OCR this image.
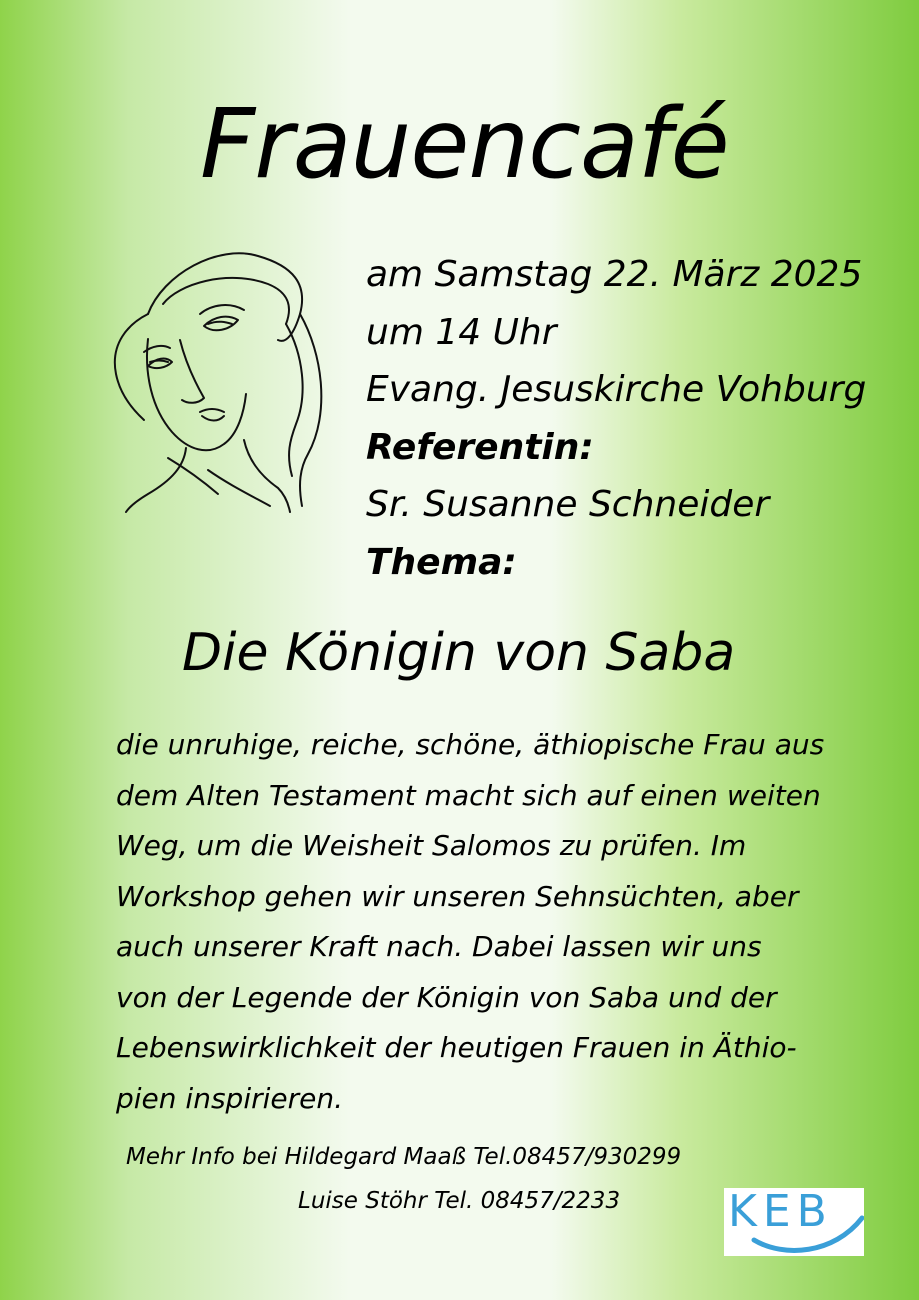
Frauencafé
am Samstag 22. März 2025
um 14 Uhr
Evang. Jesuskirche Vohburg
Referentin:
Sr. Susanne Schneider
Thema:
Die Königin von Saba
die unruhige, reiche, schöne, äthiopische Frau aus
dem Alten Testament macht sich auf einen weiten
Weg, um die Weisheit Salomos zu prüfen. Im
Workshop gehen wir unseren Sehnsüchten, aber
auch unserer Kraft nach. Dabei lassen wir uns
von der Legende der Königin von Saba und der
Lebenswirklichkeit der heutigen Frauen in Äthio-
pien inspirieren.
Mehr Info bei Hildegard Maaß Tel.08457/930299
Luise Stöhr Tel. 08457/2233 KEB
